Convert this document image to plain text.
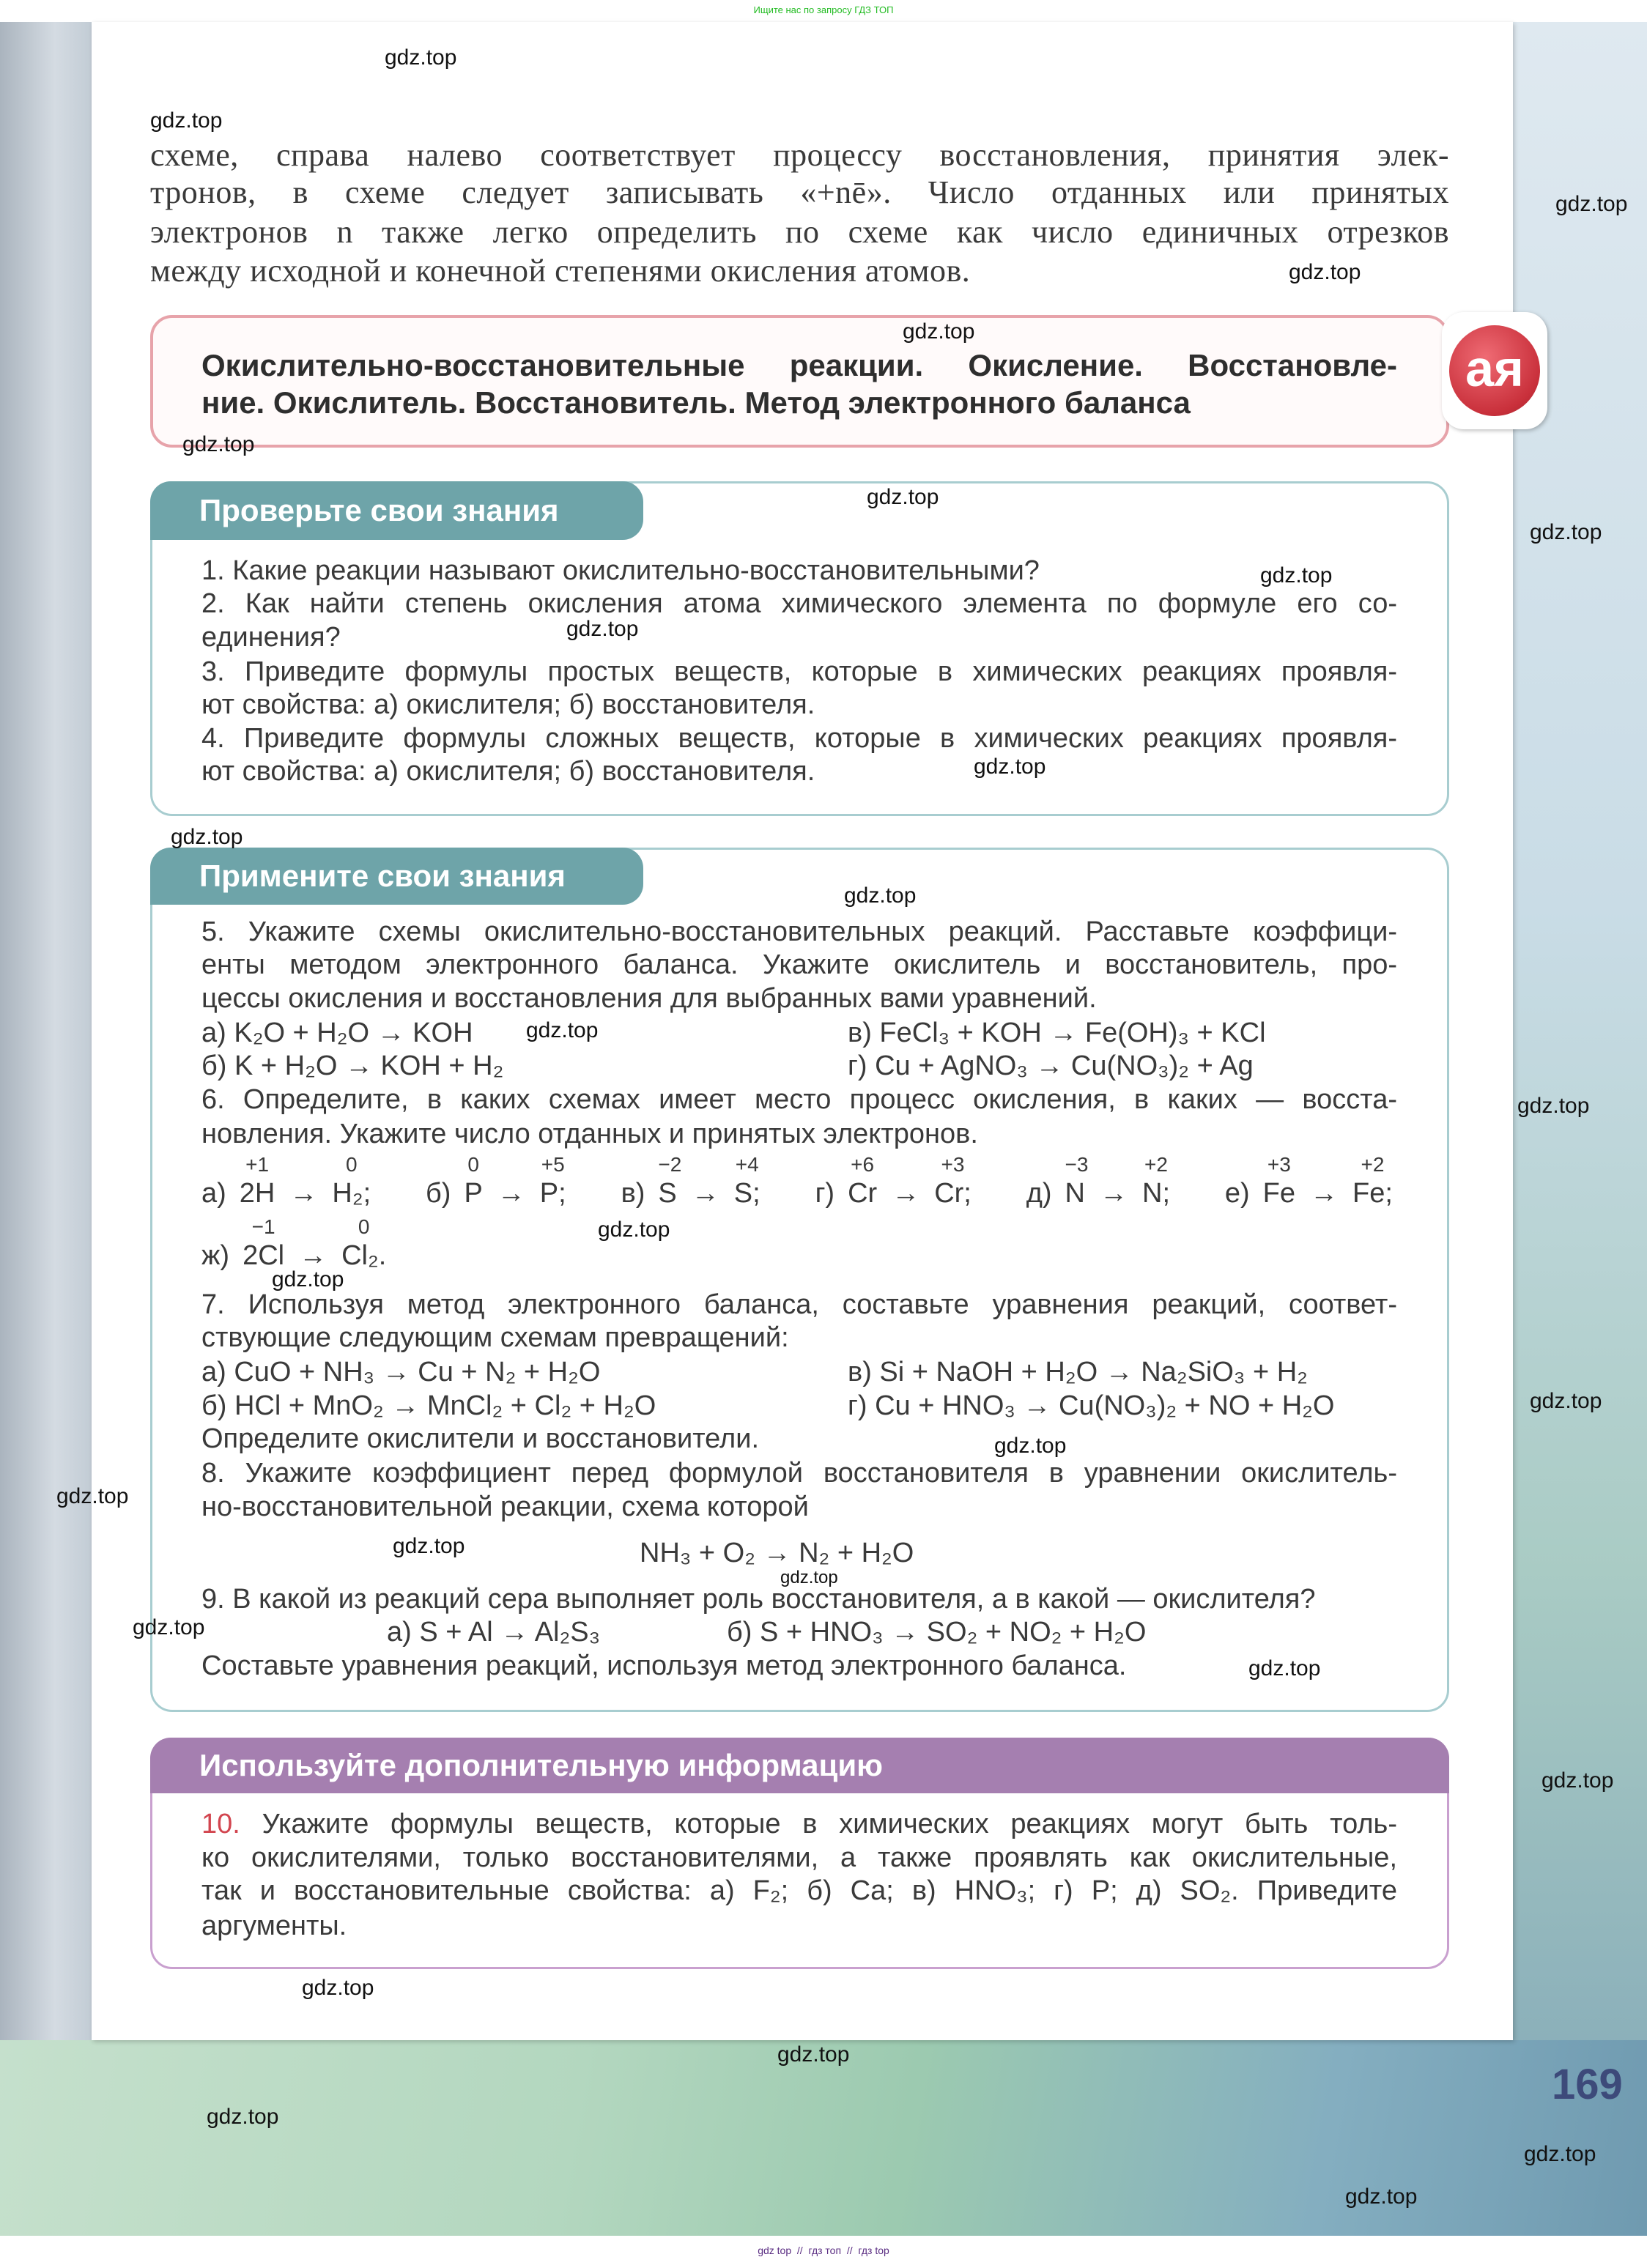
Ищите нас по запросу ГДЗ ТОП
схеме, справа налево соответствует процессу восстановления, принятия элек-
тронов, в схеме следует записывать «+nē». Число отданных или принятых
электронов n также легко определить по схеме как число единичных отрезков
между исходной и конечной степенями окисления атомов.
Окислительно-восстановительные реакции. Окисление. Восстановле-
ние. Окислитель. Восстановитель. Метод электронного баланса
ая
Проверьте свои знания
1. Какие реакции называют окислительно-восстановительными?
2. Как найти степень окисления атома химического элемента по формуле его со-
единения?
3. Приведите формулы простых веществ, которые в химических реакциях проявля-
ют свойства: а) окислителя; б) восстановителя.
4. Приведите формулы сложных веществ, которые в химических реакциях проявля-
ют свойства: а) окислителя; б) восстановителя.
Примените свои знания
5. Укажите схемы окислительно-восстановительных реакций. Расставьте коэффици-
енты методом электронного баланса. Укажите окислитель и восстановитель, про-
цессы окисления и восстановления для выбранных вами уравнений.
а) K₂O + H₂O → KOH	в) FeCl₃ + KOH → Fe(OH)₃ + KCl
б) K + H₂O → KOH + H₂	г) Cu + AgNO₃ → Cu(NO₃)₂ + Ag
6. Определите, в каких схемах имеет место процесс окисления, в каких — восста-
новления. Укажите число отданных и принятых электронов.
а) 2H
+1
→ H₂;
0
б) P
0
→ P;
+5
в) S
−2
→ S;
+4
г) Cr
+6
→ Cr;
+3
д) N
−3
→ N;
+2
е) Fe
+3
→ Fe;
+2
ж) 2Cl
−1
→ Cl₂.
0
7. Используя метод электронного баланса, составьте уравнения реакций, соответ-
ствующие следующим схемам превращений:
а) CuO + NH₃ → Cu + N₂ + H₂O	в) Si + NaOH + H₂O → Na₂SiO₃ + H₂
б) HCl + MnO₂ → MnCl₂ + Cl₂ + H₂O	г) Cu + HNO₃ → Cu(NO₃)₂ + NO + H₂O
Определите окислители и восстановители.
8. Укажите коэффициент перед формулой восстановителя в уравнении окислитель-
но-восстановительной реакции, схема которой
NH₃ + O₂ → N₂ + H₂O
9. В какой из реакций сера выполняет роль восстановителя, а в какой — окислителя?
а) S + Al → Al₂S₃	б) S + HNO₃ → SO₂ + NO₂ + H₂O
Составьте уравнения реакций, используя метод электронного баланса.
Используйте дополнительную информацию
10. Укажите формулы веществ, которые в химических реакциях могут быть толь-
ко окислителями, только восстановителями, а также проявлять как окислительные,
так и восстановительные свойства: а) F₂; б) Ca; в) HNO₃; г) P; д) SO₂. Приведите
аргументы.
169
gdz top  //  гдз топ  //  гдз top
gdz.top
gdz.top
gdz.top
gdz.top
gdz.top
gdz.top
gdz.top
gdz.top
gdz.top
gdz.top
gdz.top
gdz.top
gdz.top
gdz.top
gdz.top
gdz.top
gdz.top
gdz.top
gdz.top
gdz.top
gdz.top
gdz.top
gdz.top
gdz.top
gdz.top
gdz.top
gdz.top
gdz.top
gdz.top
gdz.top
